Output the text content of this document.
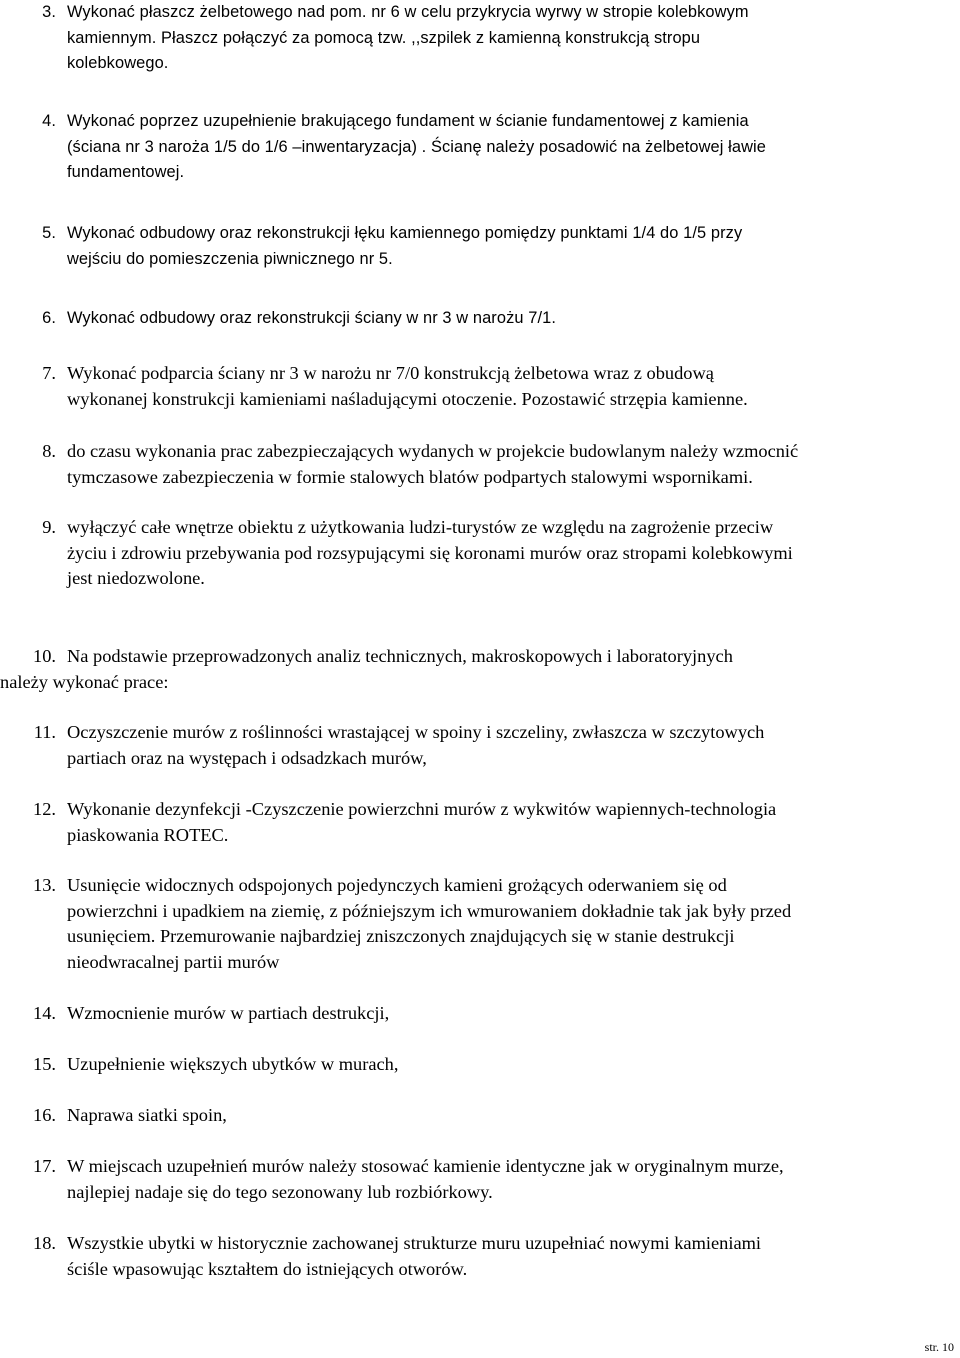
3. Wykonać płaszcz żelbetowego nad pom. nr 6 w celu przykrycia wyrwy w stropie kolebkowym
kamiennym. Płaszcz połączyć za pomocą tzw. ,,szpilek z kamienną konstrukcją stropu
kolebkowego.
4. Wykonać poprzez uzupełnienie brakującego fundament w ścianie fundamentowej z kamienia
(ściana nr 3 naroża 1/5 do 1/6 –inwentaryzacja) . Ścianę należy posadowić na żelbetowej ławie
fundamentowej.
5. Wykonać odbudowy oraz rekonstrukcji łęku kamiennego pomiędzy punktami 1/4 do 1/5 przy
wejściu do pomieszczenia piwnicznego nr 5.
6. Wykonać odbudowy oraz rekonstrukcji ściany w nr 3 w narożu 7/1.
7. Wykonać podparcia ściany nr 3 w narożu nr 7/0 konstrukcją żelbetowa wraz z obudową
wykonanej konstrukcji kamieniami naśladującymi otoczenie. Pozostawić strzępia kamienne.
8. do czasu wykonania prac zabezpieczających wydanych w projekcie budowlanym należy wzmocnić
tymczasowe zabezpieczenia w formie stalowych blatów podpartych stalowymi wspornikami.
9. wyłączyć całe wnętrze obiektu z użytkowania ludzi-turystów ze względu na zagrożenie przeciw
życiu i zdrowiu przebywania pod rozsypującymi się koronami murów oraz stropami kolebkowymi
jest niedozwolone.
10. Na podstawie przeprowadzonych analiz technicznych, makroskopowych i laboratoryjnych
należy wykonać prace:
11. Oczyszczenie murów z roślinności wrastającej w spoiny i szczeliny, zwłaszcza w szczytowych
partiach oraz na występach i odsadzkach murów,
12. Wykonanie dezynfekcji -Czyszczenie powierzchni murów z wykwitów wapiennych-technologia
piaskowania ROTEC.
13. Usunięcie widocznych odspojonych pojedynczych kamieni grożących oderwaniem się od
powierzchni i upadkiem na ziemię, z późniejszym ich wmurowaniem dokładnie tak jak były przed
usunięciem. Przemurowanie najbardziej zniszczonych znajdujących się w stanie destrukcji
nieodwracalnej partii murów
14. Wzmocnienie murów w partiach destrukcji,
15. Uzupełnienie większych ubytków w murach,
16. Naprawa siatki spoin,
17. W miejscach uzupełnień murów należy stosować kamienie identyczne jak w oryginalnym murze,
najlepiej nadaje się do tego sezonowany lub rozbiórkowy.
18. Wszystkie ubytki w historycznie zachowanej strukturze muru uzupełniać nowymi kamieniami
ściśle wpasowując kształtem do istniejących otworów.
str. 10
